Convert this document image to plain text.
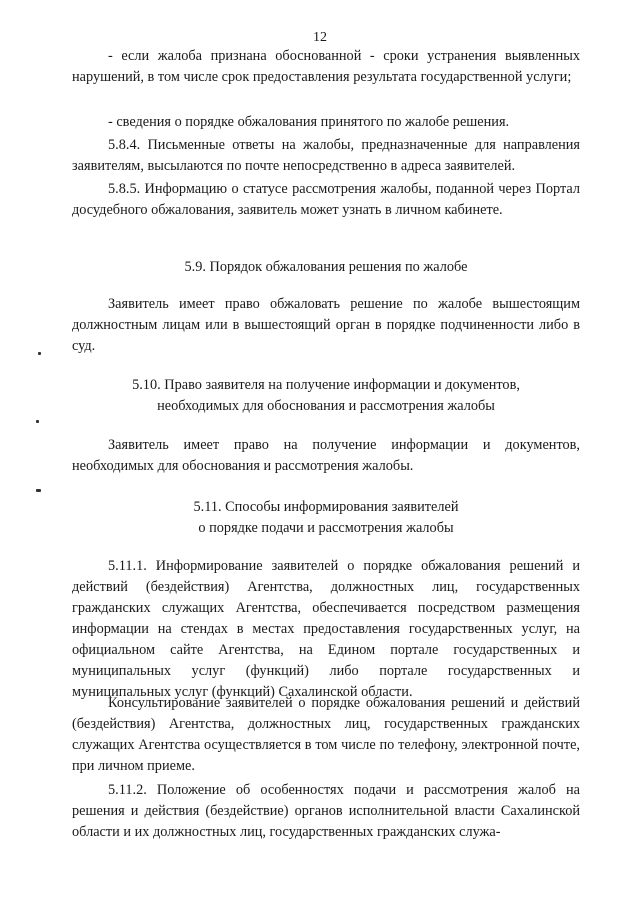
12

- если жалоба признана обоснованной - сроки устранения выявленных нарушений, в том числе срок предоставления результата государственной услуги;

- сведения о порядке обжалования принятого по жалобе решения.

5.8.4. Письменные ответы на жалобы, предназначенные для направления заявителям, высылаются по почте непосредственно в адреса заявителей.

5.8.5. Информацию о статусе рассмотрения жалобы, поданной через Портал досудебного обжалования, заявитель может узнать в личном кабинете.

5.9. Порядок обжалования решения по жалобе

Заявитель имеет право обжаловать решение по жалобе вышестоящим должностным лицам или в вышестоящий орган в порядке подчиненности либо в суд.

5.10. Право заявителя на получение информации и документов,
необходимых для обоснования и рассмотрения жалобы

Заявитель имеет право на получение информации и документов, необходимых для обоснования и рассмотрения жалобы.

5.11. Способы информирования заявителей
о порядке подачи и рассмотрения жалобы

5.11.1. Информирование заявителей о порядке обжалования решений и действий (бездействия) Агентства, должностных лиц, государственных гражданских служащих Агентства, обеспечивается посредством размещения информации на стендах в местах предоставления государственных услуг, на официальном сайте Агентства, на Едином портале государственных и муниципальных услуг (функций) либо портале государственных и муниципальных услуг (функций) Сахалинской области.

Консультирование заявителей о порядке обжалования решений и действий (бездействия) Агентства, должностных лиц, государственных гражданских служащих Агентства осуществляется в том числе по телефону, электронной почте, при личном приеме.

5.11.2. Положение об особенностях подачи и рассмотрения жалоб на решения и действия (бездействие) органов исполнительной власти Сахалинской области и их должностных лиц, государственных гражданских служа-
